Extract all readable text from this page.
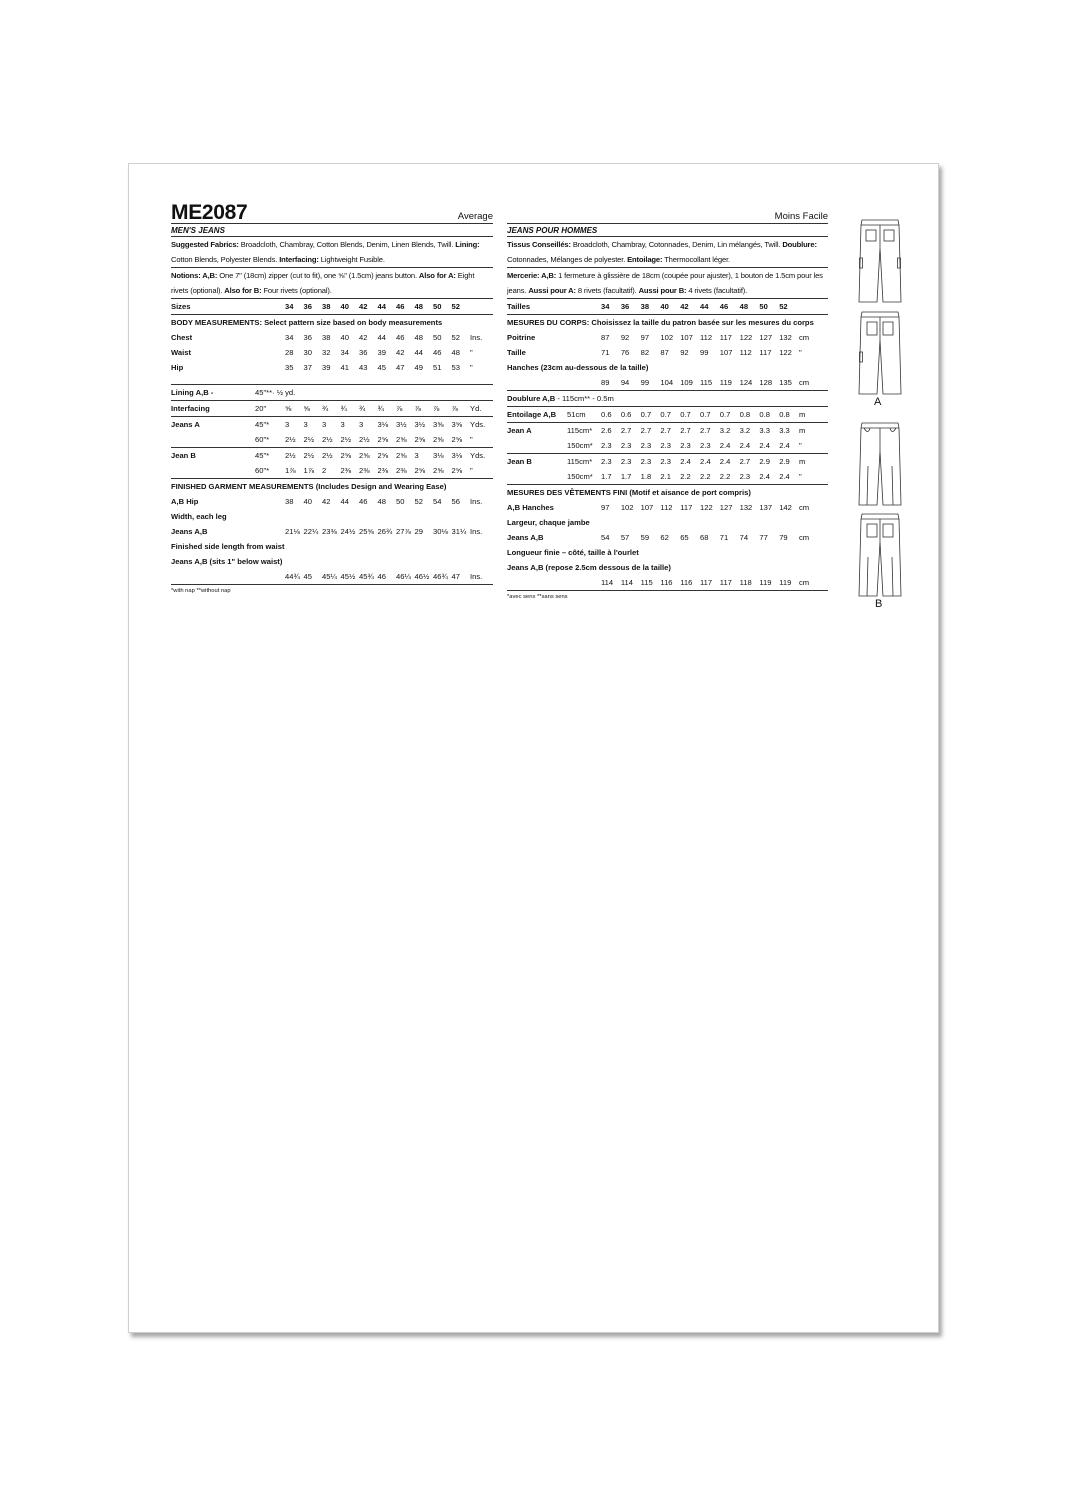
ME2087	Average
MEN'S JEANS
Suggested Fabrics: Broadcloth, Chambray, Cotton Blends, Denim, Linen Blends, Twill. Lining: Cotton Blends, Polyester Blends. Interfacing: Lightweight Fusible.
Notions: A,B: One 7" (18cm) zipper (cut to fit), one ⅝" (1.5cm) jeans button. Also for A: Eight rivets (optional). Also for B: Four rivets (optional).
Sizes		34	36	38	40	42	44	46	48	50	52	
BODY MEASUREMENTS: Select pattern size based on body measurements												
Chest		34	36	38	40	42	44	46	48	50	52	Ins.
Waist		28	30	32	34	36	39	42	44	46	48	"
Hip		35	37	39	41	43	45	47	49	51	53	"

Lining A,B -	45"**· ½ yd.											
Interfacing	20"	⅝	⅝	¾	¾	¾	¾	⅞	⅞	⅞	⅞	Yd.
Jeans A	45"*	3	3	3	3	3	3⅛	3½	3½	3⅝	3⅝	Yds.
	60"*	2½	2½	2½	2½	2½	2⅝	2⅝	2⅝	2⅝	2⅝	"
Jean B	45"*	2½	2½	2½	2⅝	2⅝	2⅝	2⅝	3	3⅛	3⅛	Yds.
	60"*	1⅞	1⅞	2	2⅜	2⅜	2⅜	2⅜	2⅝	2⅝	2⅝	"
FINISHED GARMENT MEASUREMENTS (Includes Design and Wearing Ease)												
A,B Hip		38	40	42	44	46	48	50	52	54	56	Ins.
Width, each leg												
Jeans A,B		21⅛	22¼	23⅜	24½	25⅝	26¾	27⅞	29	30⅛	31¼	Ins.
Finished side length from waist												
Jeans A,B (sits 1" below waist)												
		44¾	45	45¼	45½	45¾	46	46¼	46½	46¾	47	Ins.
*with nap **without nap
Moins Facile
JEANS POUR HOMMES
Tissus Conseillés: Broadcloth, Chambray, Cotonnades, Denim, Lin mélangés, Twill. Doublure: Cotonnades, Mélanges de polyester. Entoilage: Thermocollant léger.
Mercerie: A,B: 1 fermeture à glissière de 18cm (coupée pour ajuster), 1 bouton de 1.5cm pour les jeans. Aussi pour A: 8 rivets (facultatif). Aussi pour B: 4 rivets (facultatif).
Tailles		34	36	38	40	42	44	46	48	50	52	
MESURES DU CORPS: Choisissez la taille du patron basée sur les mesures du corps												
Poitrine		87	92	97	102	107	112	117	122	127	132	cm
Taille		71	76	82	87	92	99	107	112	117	122	"
Hanches (23cm au-dessous de la taille)												
		89	94	99	104	109	115	119	124	128	135	cm
Doublure A,B - 115cm** - 0.5m												
Entoilage A,B	51cm	0.6	0.6	0.7	0.7	0.7	0.7	0.7	0.8	0.8	0.8	m
Jean A	115cm*	2.6	2.7	2.7	2.7	2.7	2.7	3.2	3.2	3.3	3.3	m
	150cm*	2.3	2.3	2.3	2.3	2.3	2.3	2.4	2.4	2.4	2.4	"
Jean B	115cm*	2.3	2.3	2.3	2.3	2.4	2.4	2.4	2.7	2.9	2.9	m
	150cm*	1.7	1.7	1.8	2.1	2.2	2.2	2.2	2.3	2.4	2.4	"
MESURES DES VÊTEMENTS FINI (Motif et aisance de port compris)												
A,B Hanches		97	102	107	112	117	122	127	132	137	142	cm
Largeur, chaque jambe												
Jeans A,B		54	57	59	62	65	68	71	74	77	79	cm
Longueur finie – côté, taille à l'ourlet												
Jeans A,B (repose 2.5cm dessous de la taille)												
		114	114	115	116	116	117	117	118	119	119	cm
*avec sens **sans sens
A
B
